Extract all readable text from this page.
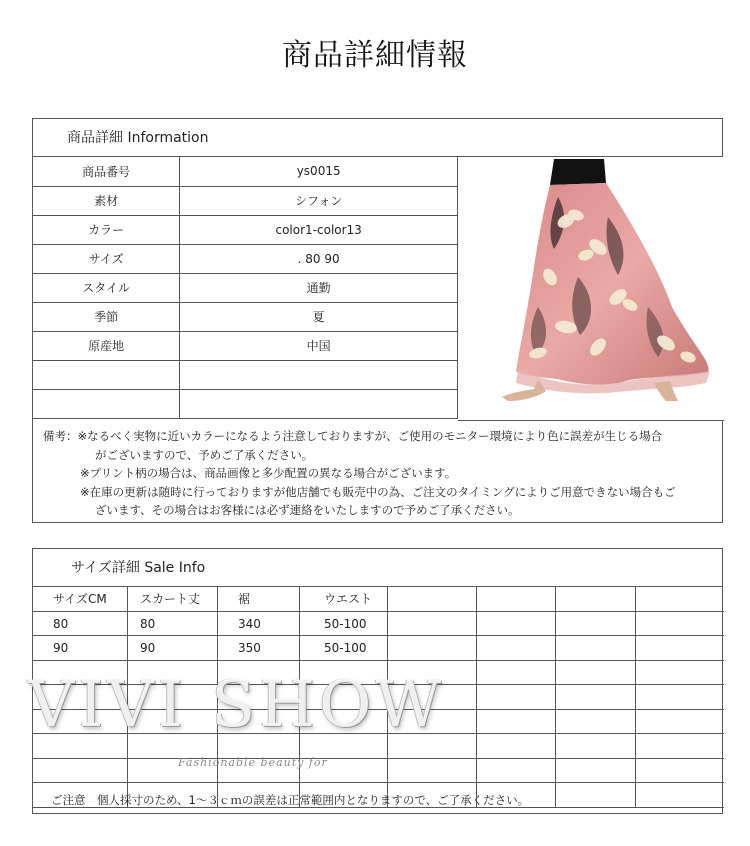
商品詳細情報
商品詳細 Information
商品番号	ys0015
素材	シフォン
カラー	color1-color13
サイズ	. 80 90
スタイル	通勤
季節	夏
原産地	中国

備考：※なるべく実物に近いカラーになるよう注意しておりますが、ご使用のモニター環境により色に誤差が生じる場合
がございますので、予めご了承ください。
※プリント柄の場合は、商品画像と多少配置の異なる場合がございます。
※在庫の更新は随時に行っておりますが他店舗でも販売中の為、ご注文のタイミングによりご用意できない場合もご
ざいます、その場合はお客様には必ず連絡をいたしますので予めご了承ください。
サイズ詳細 Sale Info
サイズCM	スカート丈	裾	ウエスト
80	80	340	50-100
90	90	350	50-100
ご注意　個人採寸のため、1～３ｃｍの誤差は正常範囲内となりますので、ご了承ください。
VIVI SHOW
Fashionable beauty for
